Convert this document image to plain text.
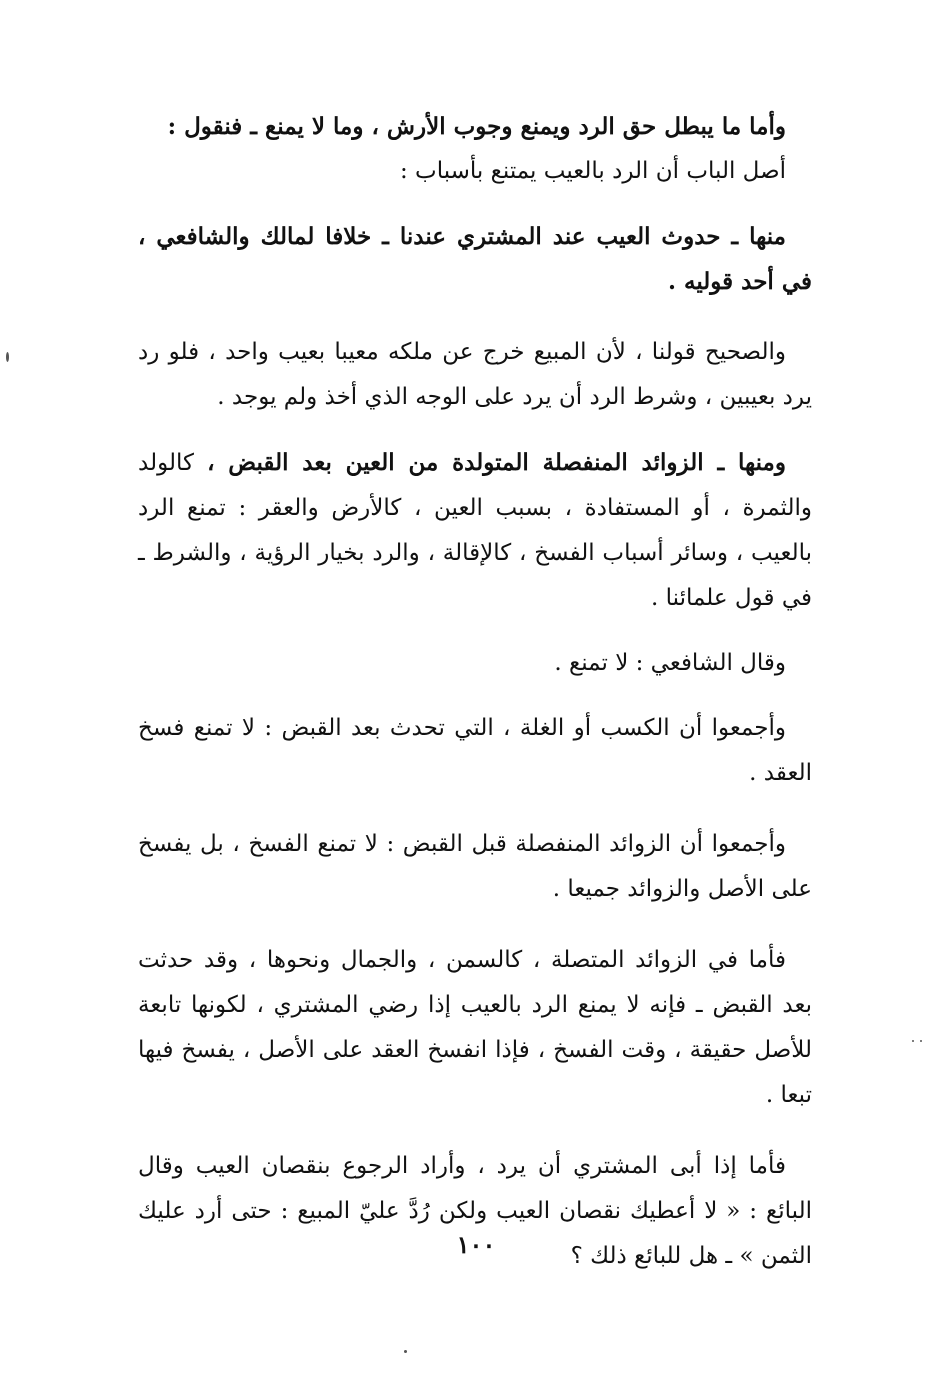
وأما ما يبطل حق الرد ويمنع وجوب الأرش ، وما لا يمنع ـ فنقول :

أصل الباب أن الرد بالعيب يمتنع بأسباب :

منها ـ حدوث العيب عند المشتري عندنا ـ خلافا لمالك والشافعي ، في أحد قوليه .

والصحيح قولنا ، لأن المبيع خرج عن ملكه معيبا بعيب واحد ، فلو رد يرد بعيبين ، وشرط الرد أن يرد على الوجه الذي أخذ ولم يوجد .

ومنها ـ الزوائد المنفصلة المتولدة من العين بعد القبض ، كالولد والثمرة ، أو المستفادة ، بسبب العين ، كالأرض والعقر : تمنع الرد بالعيب ، وسائر أسباب الفسخ ، كالإقالة ، والرد بخيار الرؤية ، والشرط ـ في قول علمائنا .

وقال الشافعي : لا تمنع .

وأجمعوا أن الكسب أو الغلة ، التي تحدث بعد القبض : لا تمنع فسخ العقد .

وأجمعوا أن الزوائد المنفصلة قبل القبض : لا تمنع الفسخ ، بل يفسخ على الأصل والزوائد جميعا .

فأما في الزوائد المتصلة ، كالسمن ، والجمال ونحوها ، وقد حدثت بعد القبض ـ فإنه لا يمنع الرد بالعيب إذا رضي المشتري ، لكونها تابعة للأصل حقيقة ، وقت الفسخ ، فإذا انفسخ العقد على الأصل ، يفسخ فيها تبعا .

فأما إذا أبى المشتري أن يرد ، وأراد الرجوع بنقصان العيب وقال البائع : « لا أعطيك نقصان العيب ولكن رُدَّ عليّ المبيع : حتى أرد عليك الثمن » ـ هل للبائع ذلك ؟

١٠٠
